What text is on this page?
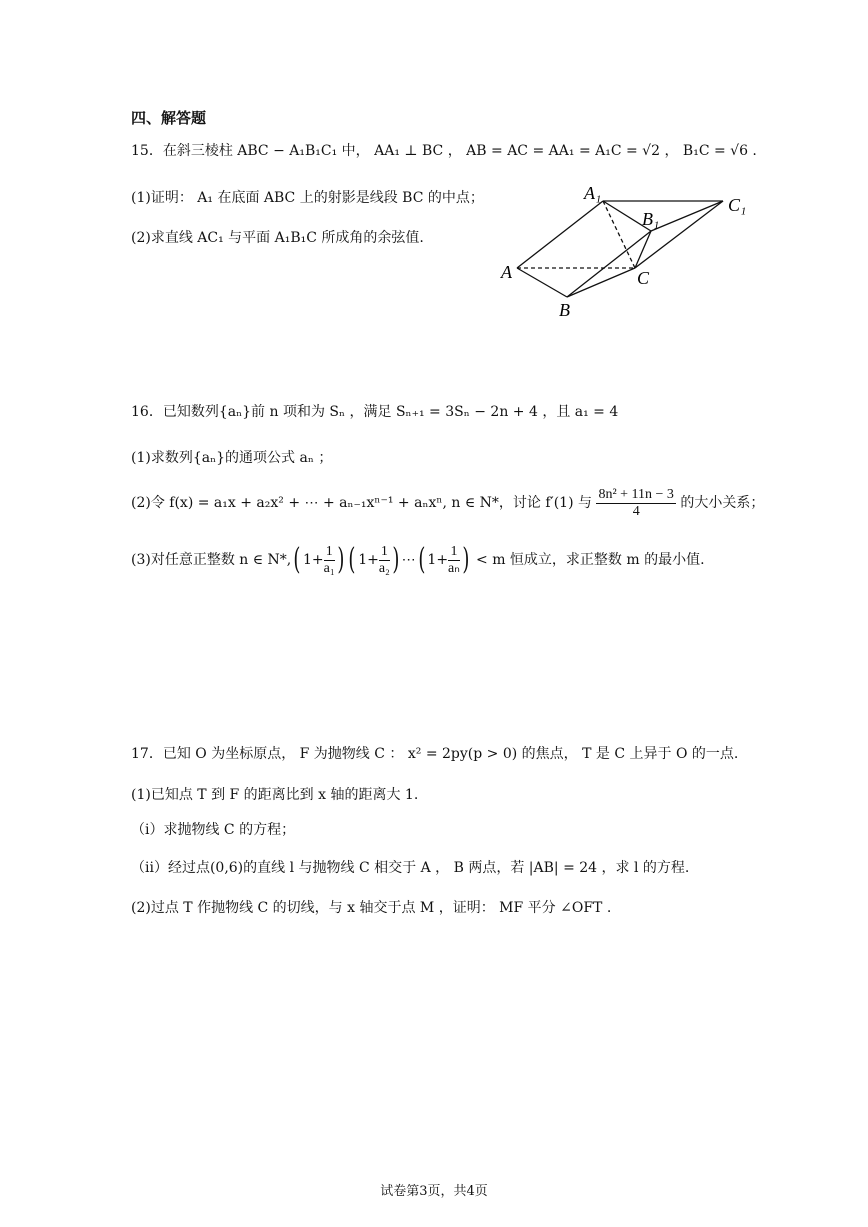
四、解答题
15．在斜三棱柱 ABC − A₁B₁C₁ 中， AA₁ ⊥ BC ， AB = AC = AA₁ = A₁C = √2 ， B₁C = √6 .
(1)证明： A₁ 在底面 ABC 上的射影是线段 BC 的中点；
(2)求直线 AC₁ 与平面 A₁B₁C 所成角的余弦值.
A₁
B₁
C₁
A
B
C
16．已知数列{aₙ}前 n 项和为 Sₙ ，满足 Sₙ₊₁ = 3Sₙ − 2n + 4 ，且 a₁ = 4
(1)求数列{aₙ}的通项公式 aₙ ；
(2)令 f(x) = a₁x + a₂x² + ⋯ + aₙ₋₁xⁿ⁻¹ + aₙxⁿ, n ∈ N*，讨论 f′(1) 与 $\frac{\text{8n² + 11n − 3}}{4}$ 的大小关系；
(3)对任意正整数 n ∈ N*,( $1+ \frac{1}{\text{a₁}}$ ) ( $1+ \frac{1}{\text{a₂}}$ ) ⋯( $1+ \frac{1}{\text{aₙ}}$ ) < m 恒成立，求正整数 m 的最小值.
17．已知 O 为坐标原点， F 为抛物线 C ： x² = 2py(p > 0) 的焦点， T 是 C 上异于 O 的一点.
(1)已知点 T 到 F 的距离比到 x 轴的距离大 1.
（i）求抛物线 C 的方程；
（ii）经过点(0,6)的直线 l 与抛物线 C 相交于 A ， B 两点，若 |AB| = 24 ，求 l 的方程.
(2)过点 T 作抛物线 C 的切线，与 x 轴交于点 M ，证明： MF 平分 ∠OFT .
试卷第3页，共4页
